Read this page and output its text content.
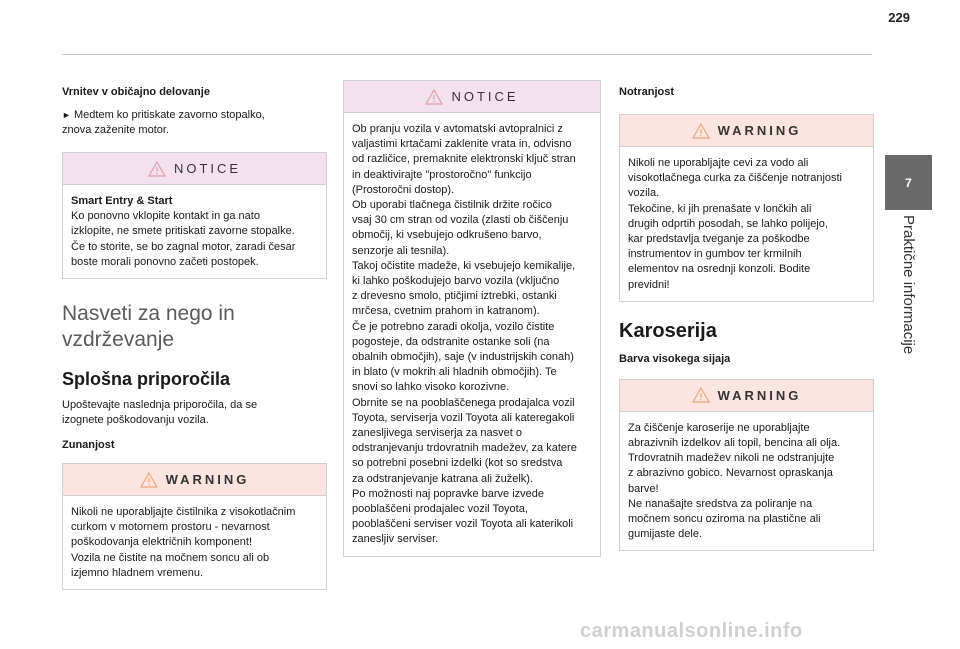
229
7
Praktične informacije
Vrnitev v običajno delovanje
► Medtem ko pritiskate zavorno stopalko,
znova zaženite motor.
NOTICE
Smart Entry & Start
Ko ponovno vklopite kontakt in ga nato
izklopite, ne smete pritiskati zavorne stopalke.
Če to storite, se bo zagnal motor, zaradi česar
boste morali ponovno začeti postopek.
Nasveti za nego in
vzdrževanje
Splošna priporočila
Upoštevajte naslednja priporočila, da se
izognete poškodovanju vozila.
Zunanjost
WARNING
Nikoli ne uporabljajte čistilnika z visokotlačnim
curkom v motornem prostoru - nevarnost
poškodovanja električnih komponent!
Vozila ne čistite na močnem soncu ali ob
izjemno hladnem vremenu.
NOTICE
Ob pranju vozila v avtomatski avtopralnici z
valjastimi krtačami zaklenite vrata in, odvisno
od različice, premaknite elektronski ključ stran
in deaktivirajte "prostoročno" funkcijo
(Prostoročni dostop).
Ob uporabi tlačnega čistilnik držite ročico
vsaj 30 cm stran od vozila (zlasti ob čiščenju
območij, ki vsebujejo odkrušeno barvo,
senzorje ali tesnila).
Takoj očistite madeže, ki vsebujejo kemikalije,
ki lahko poškodujejo barvo vozila (vključno
z drevesno smolo, ptičjimi iztrebki, ostanki
mrčesa, cvetnim prahom in katranom).
Če je potrebno zaradi okolja, vozilo čistite
pogosteje, da odstranite ostanke soli (na
obalnih območjih), saje (v industrijskih conah)
in blato (v mokrih ali hladnih območjih). Te
snovi so lahko visoko korozivne.
Obrnite se na pooblaščenega prodajalca vozil
Toyota, serviserja vozil Toyota ali kateregakoli
zanesljivega serviserja za nasvet o
odstranjevanju trdovratnih madežev, za katere
so potrebni posebni izdelki (kot so sredstva
za odstranjevanje katrana ali žuželk).
Po možnosti naj popravke barve izvede
pooblaščeni prodajalec vozil Toyota,
pooblaščeni serviser vozil Toyota ali katerikoli
zanesljiv serviser.
Notranjost
WARNING
Nikoli ne uporabljajte cevi za vodo ali
visokotlačnega curka za čiščenje notranjosti
vozila.
Tekočine, ki jih prenašate v lončkih ali
drugih odprtih posodah, se lahko polijejo,
kar predstavlja tveganje za poškodbe
instrumentov in gumbov ter krmilnih
elementov na osrednji konzoli. Bodite
previdni!
Karoserija
Barva visokega sijaja
WARNING
Za čiščenje karoserije ne uporabljajte
abrazivnih izdelkov ali topil, bencina ali olja.
Trdovratnih madežev nikoli ne odstranjujte
z abrazivno gobico. Nevarnost opraskanja
barve!
Ne nanašajte sredstva za poliranje na
močnem soncu oziroma na plastične ali
gumijaste dele.
carmanualsonline.info
